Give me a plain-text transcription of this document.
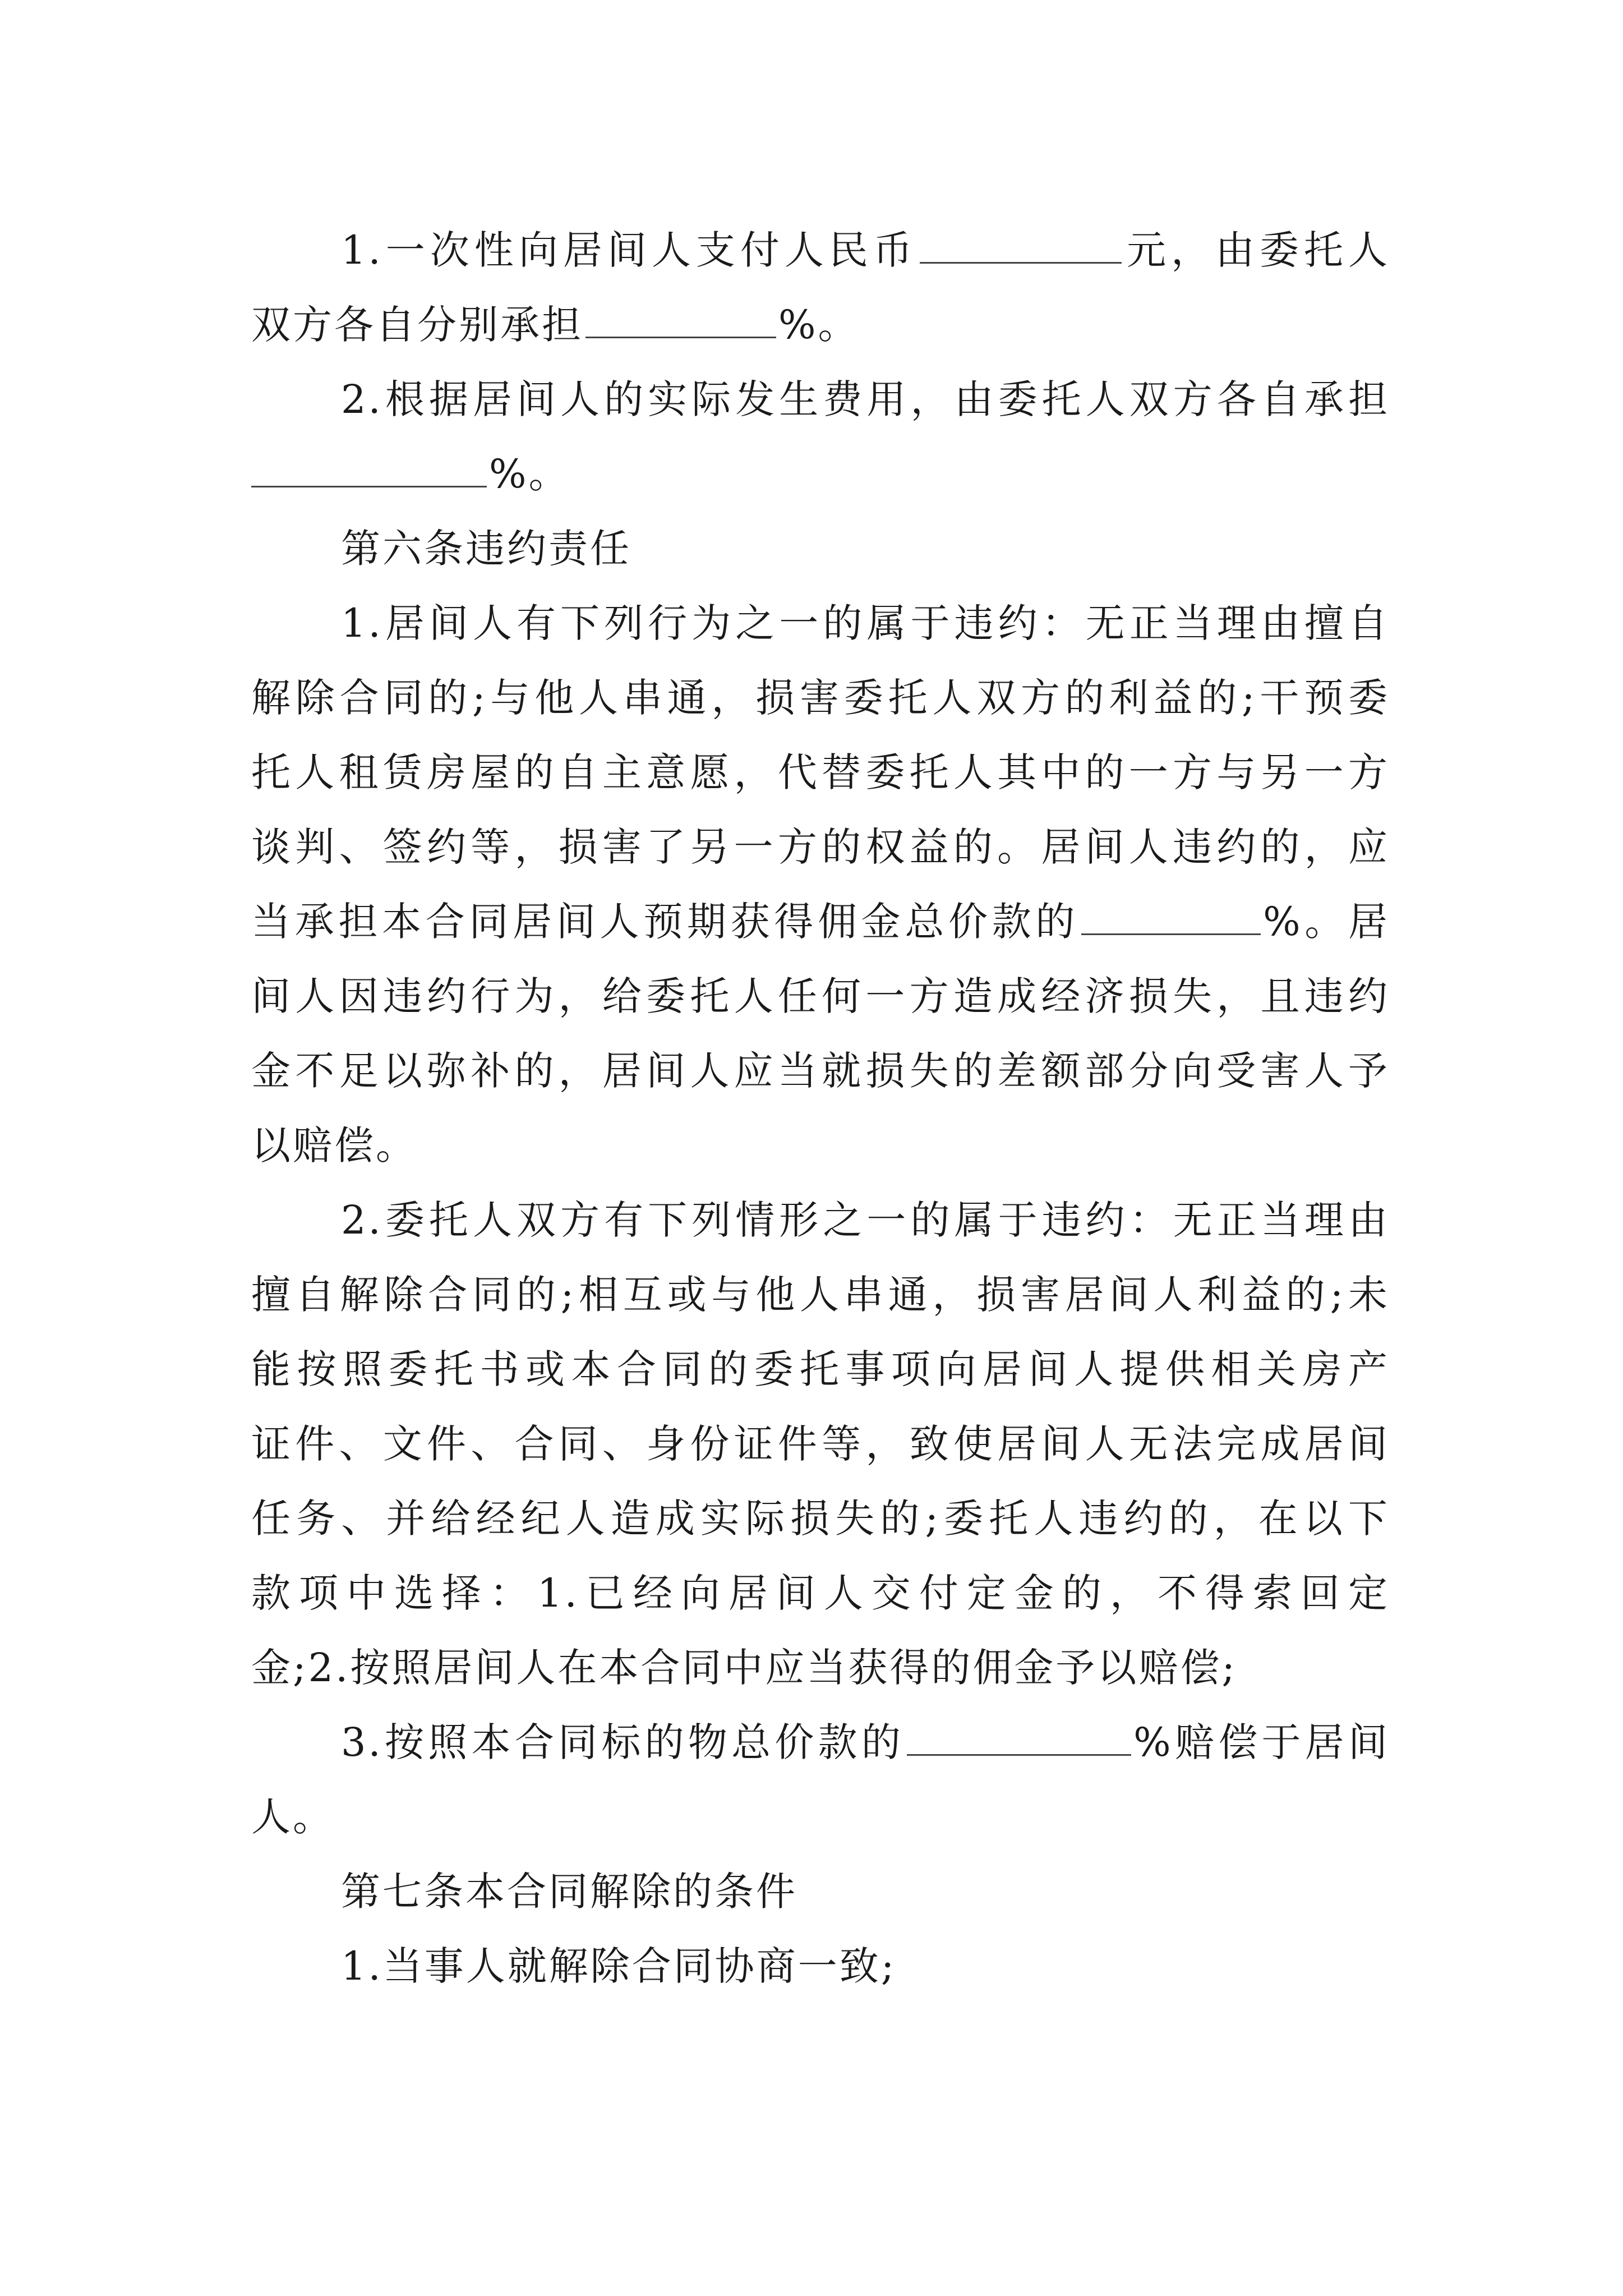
1.一次性向居间人支付人民币	元，由委托人
双方各自分别承担	%。
2.根据居间人的实际发生费用，由委托人双方各自承担
%。
第六条违约责任
1.居间人有下列行为之一的属于违约：无正当理由擅自
解除合同的;与他人串通，损害委托人双方的利益的;干预委
托人租赁房屋的自主意愿，代替委托人其中的一方与另一方
谈判、签约等，损害了另一方的权益的。居间人违约的，应
当承担本合同居间人预期获得佣金总价款的	%。居
间人因违约行为，给委托人任何一方造成经济损失，且违约
金不足以弥补的，居间人应当就损失的差额部分向受害人予
以赔偿。
2.委托人双方有下列情形之一的属于违约：无正当理由
擅自解除合同的;相互或与他人串通，损害居间人利益的;未
能按照委托书或本合同的委托事项向居间人提供相关房产
证件、文件、合同、身份证件等，致使居间人无法完成居间
任务、并给经纪人造成实际损失的;委托人违约的，在以下
款项中选择：1.已经向居间人交付定金的，不得索回定
金;2.按照居间人在本合同中应当获得的佣金予以赔偿;
3.按照本合同标的物总价款的	%赔偿于居间
人。
第七条本合同解除的条件
1.当事人就解除合同协商一致;
